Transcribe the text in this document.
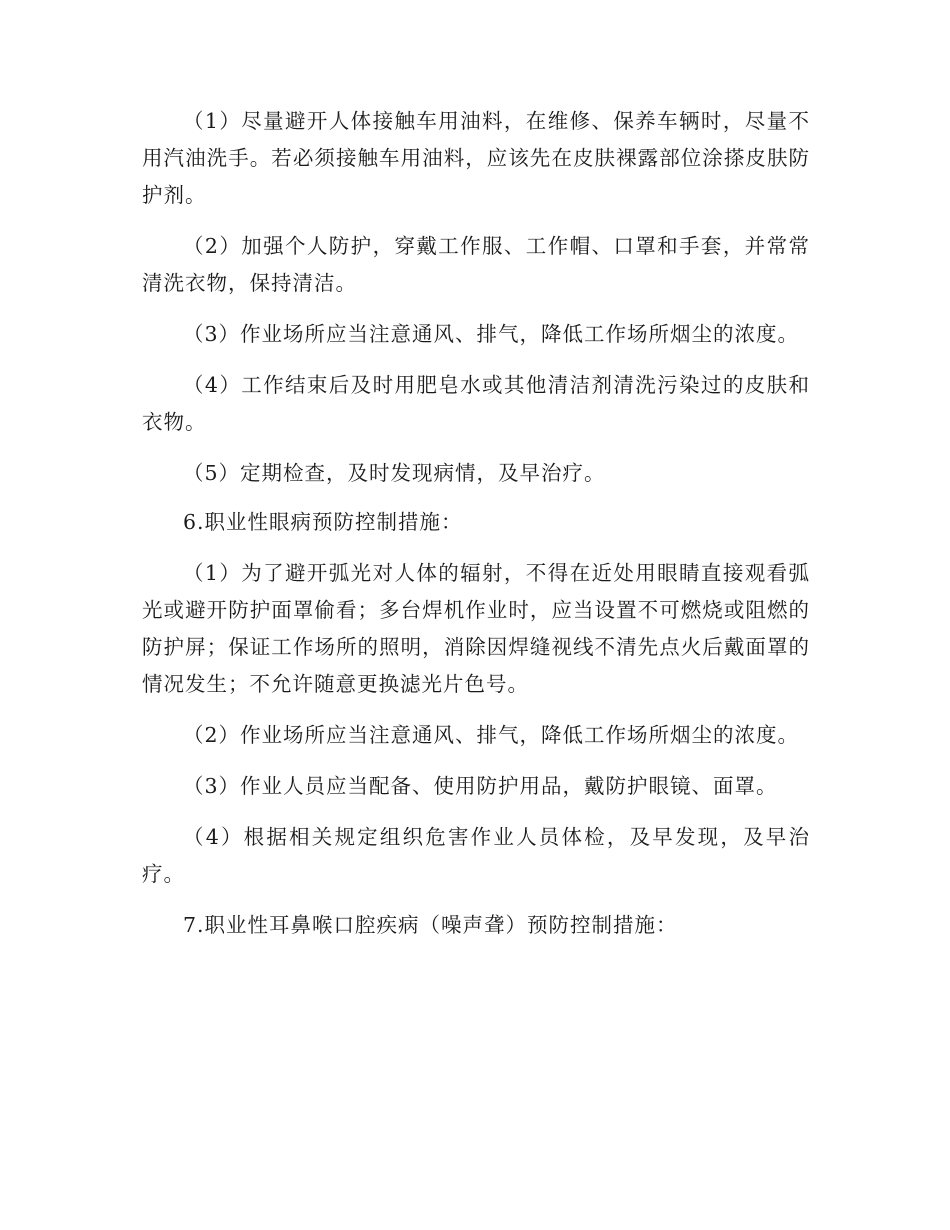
（1）尽量避开人体接触车用油料，在维修、保养车辆时，尽量不用汽油洗手。若必须接触车用油料，应该先在皮肤裸露部位涂搽皮肤防护剂。

（2）加强个人防护，穿戴工作服、工作帽、口罩和手套，并常常清洗衣物，保持清洁。

（3）作业场所应当注意通风、排气，降低工作场所烟尘的浓度。

（4）工作结束后及时用肥皂水或其他清洁剂清洗污染过的皮肤和衣物。

（5）定期检查，及时发现病情，及早治疗。

6.职业性眼病预防控制措施：

（1）为了避开弧光对人体的辐射，不得在近处用眼睛直接观看弧光或避开防护面罩偷看；多台焊机作业时，应当设置不可燃烧或阻燃的防护屏；保证工作场所的照明，消除因焊缝视线不清先点火后戴面罩的情况发生；不允许随意更换滤光片色号。

（2）作业场所应当注意通风、排气，降低工作场所烟尘的浓度。

（3）作业人员应当配备、使用防护用品，戴防护眼镜、面罩。

（4）根据相关规定组织危害作业人员体检，及早发现，及早治疗。

7.职业性耳鼻喉口腔疾病（噪声聋）预防控制措施：
